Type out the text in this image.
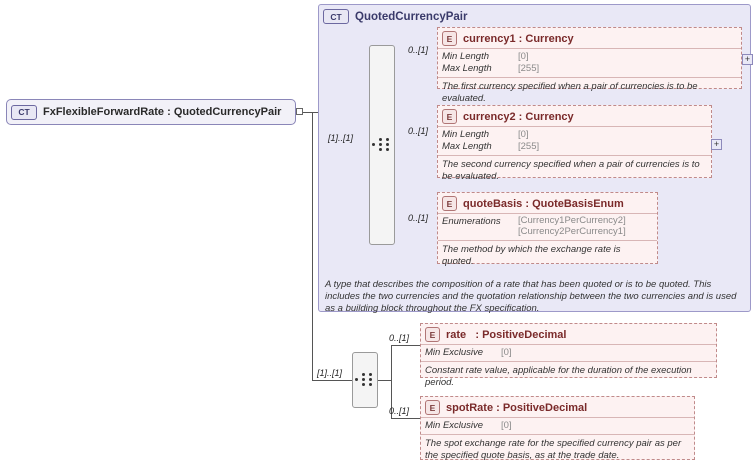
CT	FxFlexibleForwardRate : QuotedCurrencyPair
CT	QuotedCurrencyPair
A type that describes the composition of a rate that has been quoted or is to be quoted. This includes the two currencies and the quotation relationship between the two currencies and is used as a building block throughout the FX specification.
[1]..[1]
0..[1]
0..[1]
0..[1]
[1]..[1]
0..[1]
0..[1]
E currency1 : Currency
Min Length	[0]
Max Length	[255]
The first currency specified when a pair of currencies is to be evaluated.
+
E currency2 : Currency
Min Length	[0]
Max Length	[255]
The second currency specified when a pair of currencies is to be evaluated.
+
E quoteBasis : QuoteBasisEnum
Enumerations	[Currency1PerCurrency2]
[Currency2PerCurrency1]
The method by which the exchange rate is quoted.
E rate : PositiveDecimal
Min Exclusive	[0]
Constant rate value, applicable for the duration of the execution period.
E spotRate : PositiveDecimal
Min Exclusive	[0]
The spot exchange rate for the specified currency pair as per the specified quote basis, as at the trade date.
